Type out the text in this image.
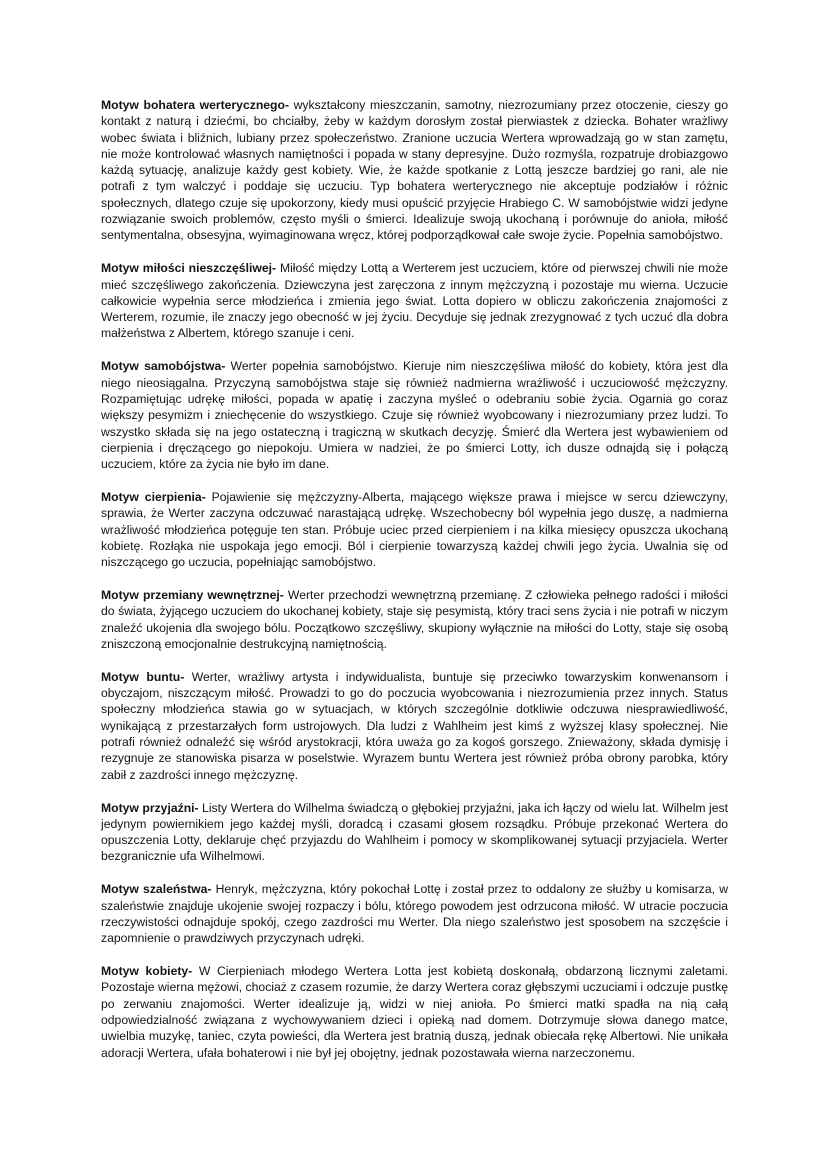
Motyw bohatera werterycznego- wykształcony mieszczanin, samotny, niezrozumiany przez otoczenie, cieszy go kontakt z naturą i dziećmi, bo chciałby, żeby w każdym dorosłym został pierwiastek z dziecka. Bohater wrażliwy wobec świata i bliźnich, lubiany przez społeczeństwo. Zranione uczucia Wertera wprowadzają go w stan zamętu, nie może kontrolować własnych namiętności i popada w stany depresyjne. Dużo rozmyśla, rozpatruje drobiazgowo każdą sytuację, analizuje każdy gest kobiety. Wie, że każde spotkanie z Lottą jeszcze bardziej go rani, ale nie potrafi z tym walczyć i poddaje się uczuciu. Typ bohatera werterycznego nie akceptuje podziałów i różnic społecznych, dlatego czuje się upokorzony, kiedy musi opuścić przyjęcie Hrabiego C. W samobójstwie widzi jedyne rozwiązanie swoich problemów, często myśli o śmierci. Idealizuje swoją ukochaną i porównuje do anioła, miłość sentymentalna, obsesyjna, wyimaginowana wręcz, której podporządkował całe swoje życie. Popełnia samobójstwo.

Motyw miłości nieszczęśliwej- Miłość między Lottą a Werterem jest uczuciem, które od pierwszej chwili nie może mieć szczęśliwego zakończenia. Dziewczyna jest zaręczona z innym mężczyzną i pozostaje mu wierna. Uczucie całkowicie wypełnia serce młodzieńca i zmienia jego świat. Lotta dopiero w obliczu zakończenia znajomości z Werterem, rozumie, ile znaczy jego obecność w jej życiu. Decyduje się jednak zrezygnować z tych uczuć dla dobra małżeństwa z Albertem, którego szanuje i ceni.

Motyw samobójstwa- Werter popełnia samobójstwo. Kieruje nim nieszczęśliwa miłość do kobiety, która jest dla niego nieosiągalna. Przyczyną samobójstwa staje się również nadmierna wrażliwość i uczuciowość mężczyzny. Rozpamiętując udrękę miłości, popada w apatię i zaczyna myśleć o odebraniu sobie życia. Ogarnia go coraz większy pesymizm i zniechęcenie do wszystkiego. Czuje się również wyobcowany i niezrozumiany przez ludzi. To wszystko składa się na jego ostateczną i tragiczną w skutkach decyzję. Śmierć dla Wertera jest wybawieniem od cierpienia i dręczącego go niepokoju. Umiera w nadziei, że po śmierci Lotty, ich dusze odnajdą się i połączą uczuciem, które za życia nie było im dane.

Motyw cierpienia- Pojawienie się mężczyzny-Alberta, mającego większe prawa i miejsce w sercu dziewczyny, sprawia, że Werter zaczyna odczuwać narastającą udrękę. Wszechobecny ból wypełnia jego duszę, a nadmierna wrażliwość młodzieńca potęguje ten stan. Próbuje uciec przed cierpieniem i na kilka miesięcy opuszcza ukochaną kobietę. Rozłąka nie uspokaja jego emocji. Ból i cierpienie towarzyszą każdej chwili jego życia. Uwalnia się od niszczącego go uczucia, popełniając samobójstwo.

Motyw przemiany wewnętrznej- Werter przechodzi wewnętrzną przemianę. Z człowieka pełnego radości i miłości do świata, żyjącego uczuciem do ukochanej kobiety, staje się pesymistą, który traci sens życia i nie potrafi w niczym znaleźć ukojenia dla swojego bólu. Początkowo szczęśliwy, skupiony wyłącznie na miłości do Lotty, staje się osobą zniszczoną emocjonalnie destrukcyjną namiętnością.

Motyw buntu- Werter, wrażliwy artysta i indywidualista, buntuje się przeciwko towarzyskim konwenansom i obyczajom, niszczącym miłość. Prowadzi to go do poczucia wyobcowania i niezrozumienia przez innych. Status społeczny młodzieńca stawia go w sytuacjach, w których szczególnie dotkliwie odczuwa niesprawiedliwość, wynikającą z przestarzałych form ustrojowych. Dla ludzi z Wahlheim jest kimś z wyższej klasy społecznej. Nie potrafi również odnaleźć się wśród arystokracji, która uważa go za kogoś gorszego. Znieważony, składa dymisję i rezygnuje ze stanowiska pisarza w poselstwie. Wyrazem buntu Wertera jest również próba obrony parobka, który zabił z zazdrości innego mężczyznę.

Motyw przyjaźni- Listy Wertera do Wilhelma świadczą o głębokiej przyjaźni, jaka ich łączy od wielu lat. Wilhelm jest jedynym powiernikiem jego każdej myśli, doradcą i czasami głosem rozsądku. Próbuje przekonać Wertera do opuszczenia Lotty, deklaruje chęć przyjazdu do Wahlheim i pomocy w skomplikowanej sytuacji przyjaciela. Werter bezgranicznie ufa Wilhelmowi.

Motyw szaleństwa- Henryk, mężczyzna, który pokochał Lottę i został przez to oddalony ze służby u komisarza, w szaleństwie znajduje ukojenie swojej rozpaczy i bólu, którego powodem jest odrzucona miłość. W utracie poczucia rzeczywistości odnajduje spokój, czego zazdrości mu Werter. Dla niego szaleństwo jest sposobem na szczęście i zapomnienie o prawdziwych przyczynach udręki.

Motyw kobiety- W Cierpieniach młodego Wertera Lotta jest kobietą doskonałą, obdarzoną licznymi zaletami. Pozostaje wierna mężowi, chociaż z czasem rozumie, że darzy Wertera coraz głębszymi uczuciami i odczuje pustkę po zerwaniu znajomości. Werter idealizuje ją, widzi w niej anioła. Po śmierci matki spadła na nią całą odpowiedzialność związana z wychowywaniem dzieci i opieką nad domem. Dotrzymuje słowa danego matce, uwielbia muzykę, taniec, czyta powieści, dla Wertera jest bratnią duszą, jednak obiecała rękę Albertowi. Nie unikała adoracji Wertera, ufała bohaterowi i nie był jej obojętny, jednak pozostawała wierna narzeczonemu.
